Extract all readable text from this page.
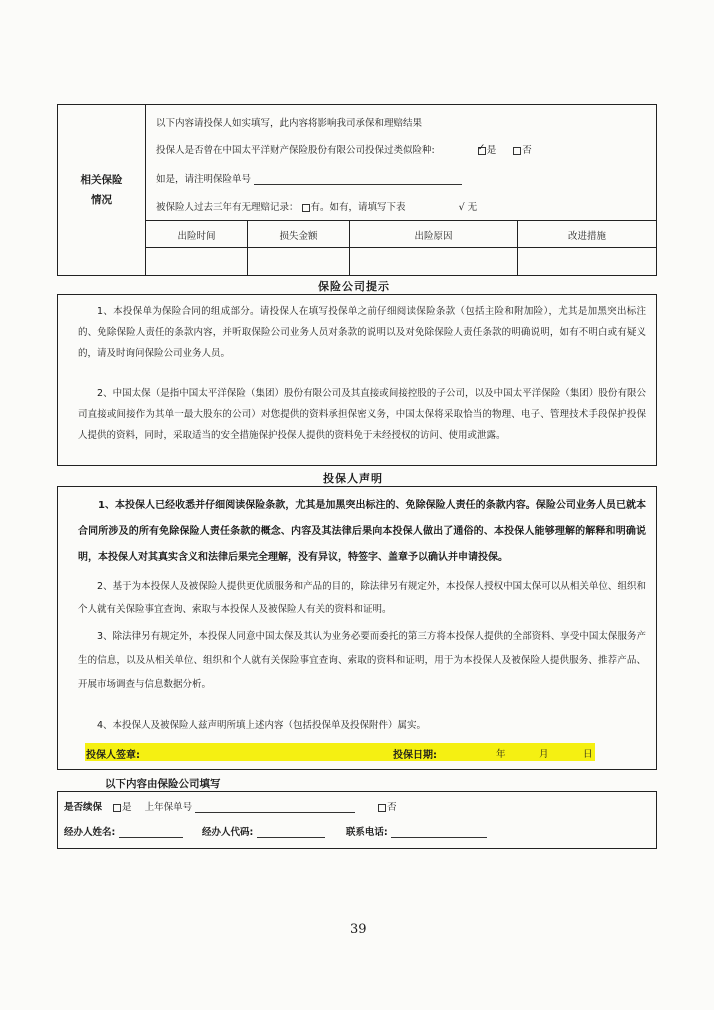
相关保险
情况
以下内容请投保人如实填写，此内容将影响我司承保和理赔结果
投保人是否曾在中国太平洋财产保险股份有限公司投保过类似险种: ✓	是	否
如是，请注明保险单号
被保险人过去三年有无理赔记录： 有。如有，请填写下表	√ 无
出险时间	损失金额	出险原因	改进措施
保险公司提示
1、本投保单为保险合同的组成部分。请投保人在填写投保单之前仔细阅读保险条款（包括主险和附加险），尤其是加黑突出标注的、免除保险人责任的条款内容，并听取保险公司业务人员对条款的说明以及对免除保险人责任条款的明确说明，如有不明白或有疑义的，请及时询问保险公司业务人员。
2、中国太保（是指中国太平洋保险（集团）股份有限公司及其直接或间接控股的子公司，以及中国太平洋保险（集团）股份有限公司直接或间接作为其单一最大股东的公司）对您提供的资料承担保密义务，中国太保将采取恰当的物理、电子、管理技术手段保护投保人提供的资料，同时，采取适当的安全措施保护投保人提供的资料免于未经授权的访问、使用或泄露。
投保人声明
1、本投保人已经收悉并仔细阅读保险条款，尤其是加黑突出标注的、免除保险人责任的条款内容。保险公司业务人员已就本合同所涉及的所有免除保险人责任条款的概念、内容及其法律后果向本投保人做出了通俗的、本投保人能够理解的解释和明确说明，本投保人对其真实含义和法律后果完全理解，没有异议，特签字、盖章予以确认并申请投保。
2、基于为本投保人及被保险人提供更优质服务和产品的目的，除法律另有规定外，本投保人授权中国太保可以从相关单位、组织和个人就有关保险事宜查询、索取与本投保人及被保险人有关的资料和证明。
3、除法律另有规定外，本投保人同意中国太保及其认为业务必要而委托的第三方将本投保人提供的全部资料、享受中国太保服务产生的信息，以及从相关单位、组织和个人就有关保险事宜查询、索取的资料和证明，用于为本投保人及被保险人提供服务、推荐产品、开展市场调查与信息数据分析。
4、本投保人及被保险人兹声明所填上述内容（包括投保单及投保附件）属实。
投保人签章:	投保日期:	年	月	日
以下内容由保险公司填写
是否续保 是 上年保单号	否
经办人姓名:	经办人代码:	联系电话:
39
